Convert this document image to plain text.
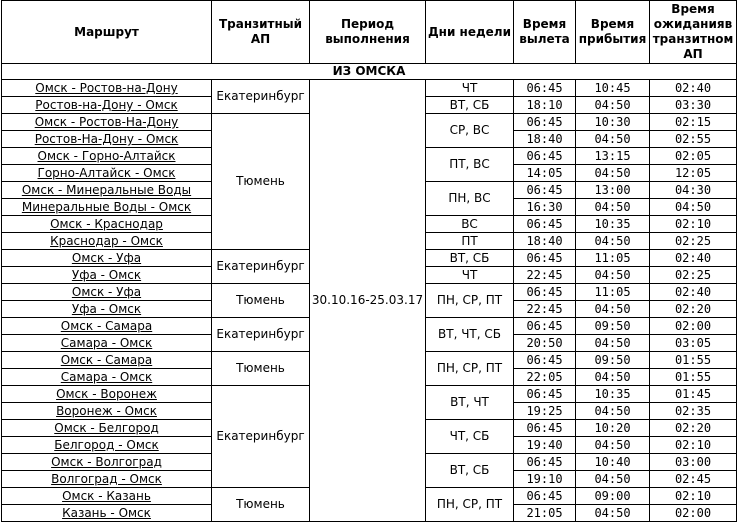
Маршрут	Транзитный АП	Период выполнения	Дни недели	Время вылета	Время прибытия	Время ожиданияв транзитном АП
ИЗ ОМСКА						
Омск - Ростов-на-Дону	Екатеринбург	30.10.16-25.03.17	ЧТ	06:45	10:45	02:40
Ростов-на-Дону - Омск			ВТ, СБ	18:10	04:50	03:30
Омск - Ростов-На-Дону	Тюмень		СР, ВС	06:45	10:30	02:15
Ростов-На-Дону - Омск				18:40	04:50	02:55
Омск - Горно-Алтайск			ПТ, ВС	06:45	13:15	02:05
Горно-Алтайск - Омск				14:05	04:50	12:05
Омск - Минеральные Воды			ПН, ВС	06:45	13:00	04:30
Минеральные Воды - Омск				16:30	04:50	04:50
Омск - Краснодар			ВС	06:45	10:35	02:10
Краснодар - Омск			ПТ	18:40	04:50	02:25
Омск - Уфа	Екатеринбург		ВТ, СБ	06:45	11:05	02:40
Уфа - Омск			ЧТ	22:45	04:50	02:25
Омск - Уфа	Тюмень		ПН, СР, ПТ	06:45	11:05	02:40
Уфа - Омск				22:45	04:50	02:20
Омск - Самара	Екатеринбург		ВТ, ЧТ, СБ	06:45	09:50	02:00
Самара - Омск				20:50	04:50	03:05
Омск - Самара	Тюмень		ПН, СР, ПТ	06:45	09:50	01:55
Самара - Омск				22:05	04:50	01:55
Омск - Воронеж	Екатеринбург		ВТ, ЧТ	06:45	10:35	01:45
Воронеж - Омск				19:25	04:50	02:35
Омск - Белгород			ЧТ, СБ	06:45	10:20	02:20
Белгород - Омск				19:40	04:50	02:10
Омск - Волгоград			ВТ, СБ	06:45	10:40	03:00
Волгоград - Омск				19:10	04:50	02:45
Омск - Казань	Тюмень		ПН, СР, ПТ	06:45	09:00	02:10
Казань - Омск				21:05	04:50	02:00
